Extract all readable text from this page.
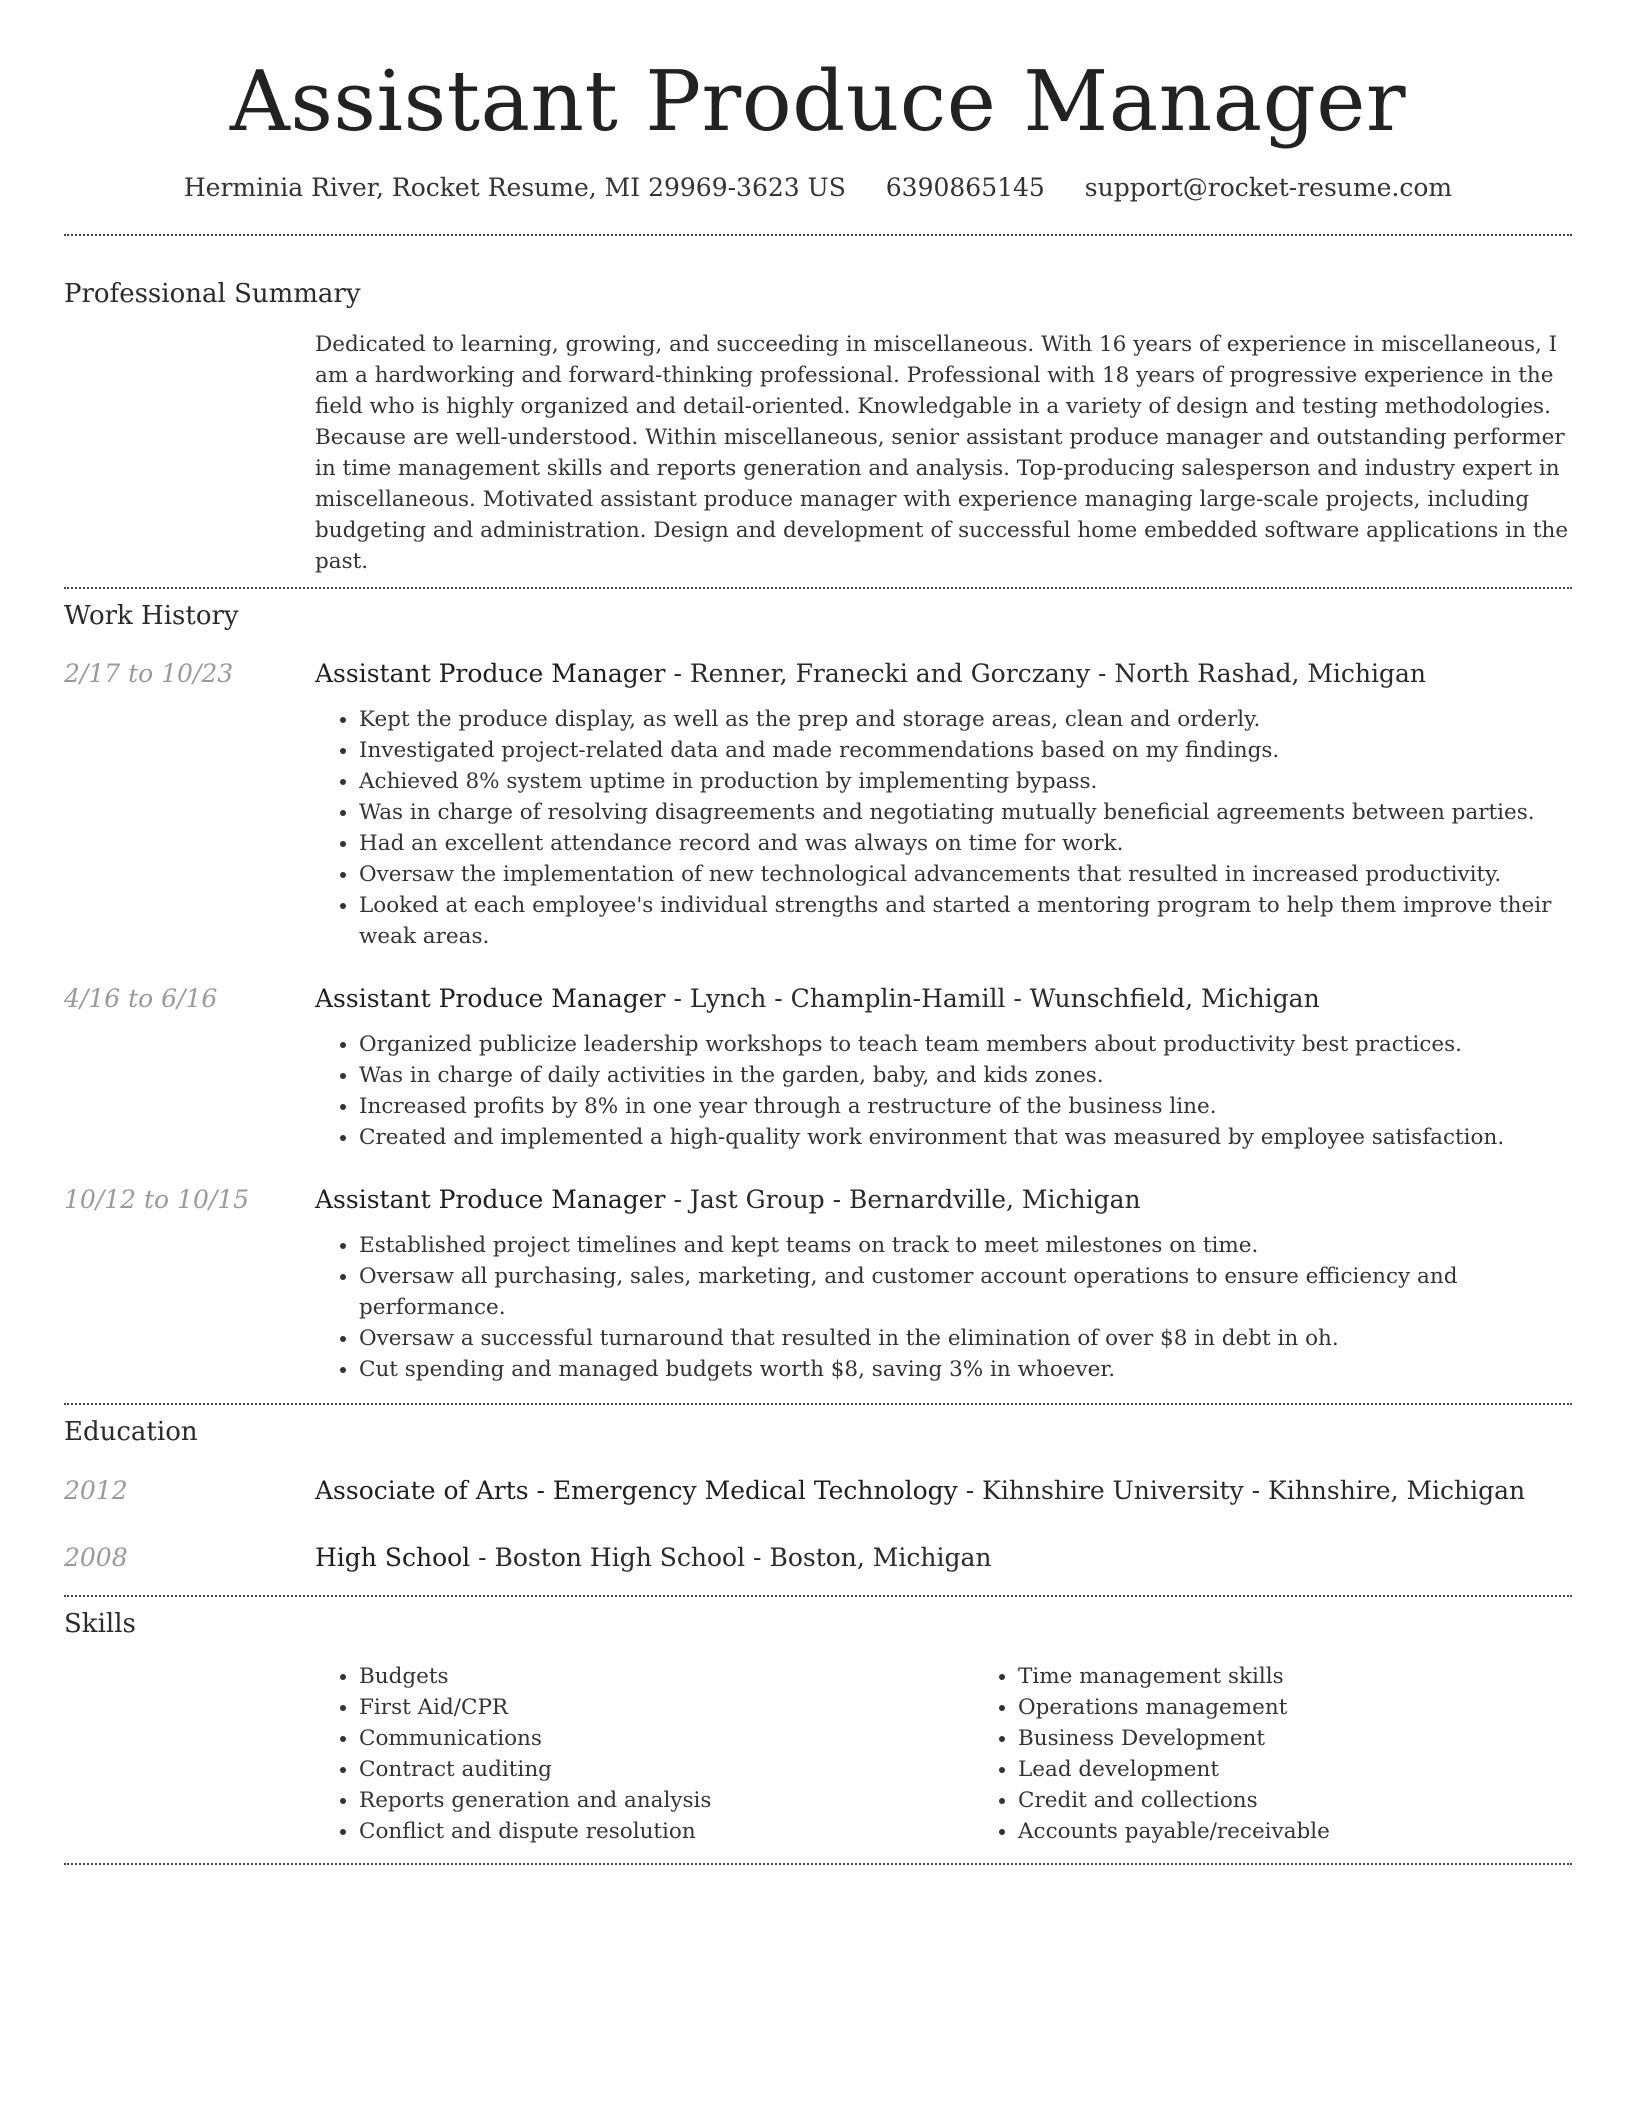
Assistant Produce Manager
Herminia River, Rocket Resume, MI 29969-3623 US 6390865145 support@rocket-resume.com
Professional Summary

Dedicated to learning, growing, and succeeding in miscellaneous. With 16 years of experience in miscellaneous, I am a hardworking and forward-thinking professional. Professional with 18 years of progressive experience in the field who is highly organized and detail-oriented. Knowledgable in a variety of design and testing methodologies. Because are well-understood. Within miscellaneous, senior assistant produce manager and outstanding performer in time management skills and reports generation and analysis. Top-producing salesperson and industry expert in miscellaneous. Motivated assistant produce manager with experience managing large-scale projects, including budgeting and administration. Design and development of successful home embedded software applications in the past.

Work History
2/17 to 10/23	Assistant Produce Manager - Renner, Franecki and Gorczany - North Rashad, Michigan
• Kept the produce display, as well as the prep and storage areas, clean and orderly.
• Investigated project-related data and made recommendations based on my findings.
• Achieved 8% system uptime in production by implementing bypass.
• Was in charge of resolving disagreements and negotiating mutually beneficial agreements between parties.
• Had an excellent attendance record and was always on time for work.
• Oversaw the implementation of new technological advancements that resulted in increased productivity.
• Looked at each employee's individual strengths and started a mentoring program to help them improve their weak areas.
4/16 to 6/16	Assistant Produce Manager - Lynch - Champlin-Hamill - Wunschfield, Michigan
• Organized publicize leadership workshops to teach team members about productivity best practices.
• Was in charge of daily activities in the garden, baby, and kids zones.
• Increased profits by 8% in one year through a restructure of the business line.
• Created and implemented a high-quality work environment that was measured by employee satisfaction.
10/12 to 10/15	Assistant Produce Manager - Jast Group - Bernardville, Michigan
• Established project timelines and kept teams on track to meet milestones on time.
• Oversaw all purchasing, sales, marketing, and customer account operations to ensure efficiency and performance.
• Oversaw a successful turnaround that resulted in the elimination of over $8 in debt in oh.
• Cut spending and managed budgets worth $8, saving 3% in whoever.
Education
2012	Associate of Arts - Emergency Medical Technology - Kihnshire University - Kihnshire, Michigan
2008	High School - Boston High School - Boston, Michigan
Skills
• Budgets
• First Aid/CPR
• Communications
• Contract auditing
• Reports generation and analysis
• Conflict and dispute resolution
• Time management skills
• Operations management
• Business Development
• Lead development
• Credit and collections
• Accounts payable/receivable
